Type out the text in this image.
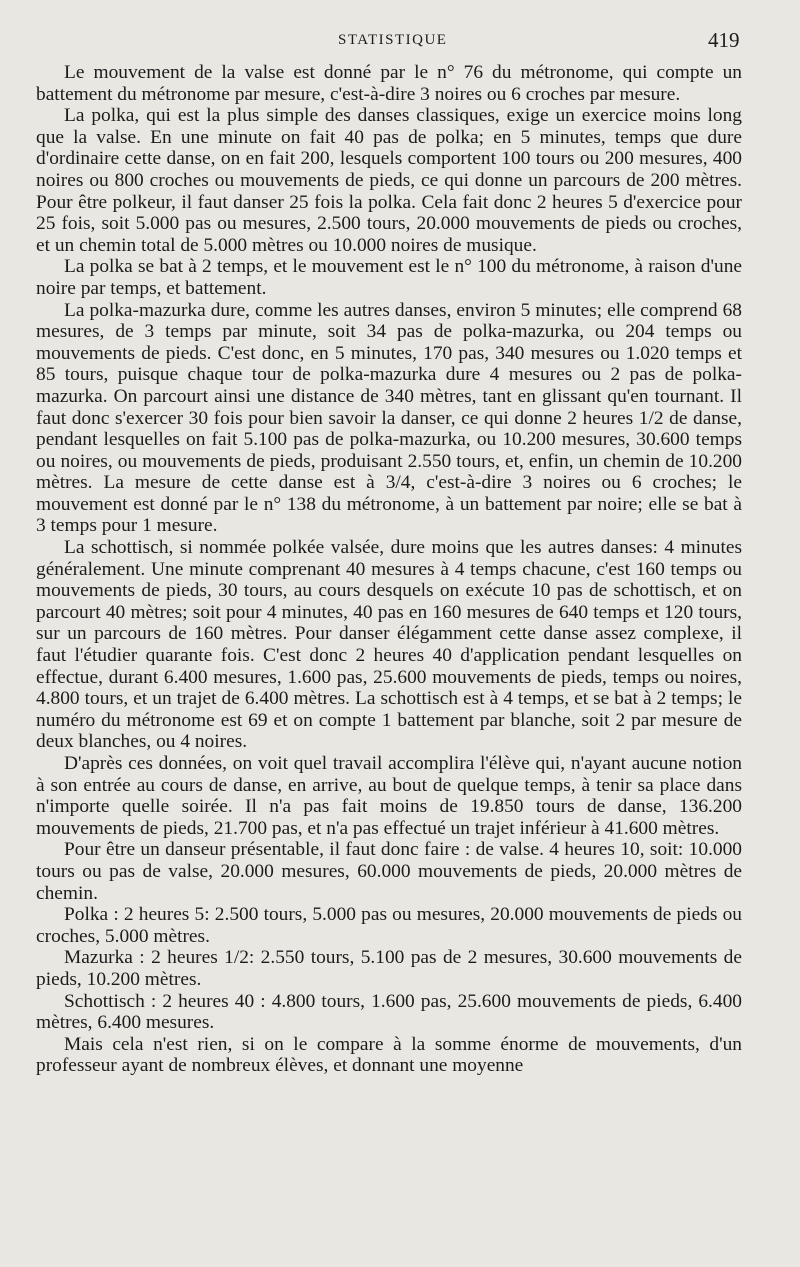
STATISTIQUE	419

Le mouvement de la valse est donné par le n° 76 du métronome, qui compte un battement du métronome par mesure, c'est-à-dire 3 noires ou 6 croches par mesure.

La polka, qui est la plus simple des danses classiques, exige un exercice moins long que la valse. En une minute on fait 40 pas de polka; en 5 minutes, temps que dure d'ordinaire cette danse, on en fait 200, lesquels comportent 100 tours ou 200 mesures, 400 noires ou 800 croches ou mouvements de pieds, ce qui donne un parcours de 200 mètres. Pour être polkeur, il faut danser 25 fois la polka. Cela fait donc 2 heures 5 d'exercice pour 25 fois, soit 5.000 pas ou mesures, 2.500 tours, 20.000 mouvements de pieds ou croches, et un chemin total de 5.000 mètres ou 10.000 noires de musique.

La polka se bat à 2 temps, et le mouvement est le n° 100 du métronome, à raison d'une noire par temps, et battement.

La polka-mazurka dure, comme les autres danses, environ 5 minutes; elle comprend 68 mesures, de 3 temps par minute, soit 34 pas de polka-mazurka, ou 204 temps ou mouvements de pieds. C'est donc, en 5 minutes, 170 pas, 340 mesures ou 1.020 temps et 85 tours, puisque chaque tour de polka-mazurka dure 4 mesures ou 2 pas de polka-mazurka. On parcourt ainsi une distance de 340 mètres, tant en glissant qu'en tournant. Il faut donc s'exercer 30 fois pour bien savoir la danser, ce qui donne 2 heures 1/2 de danse, pendant lesquelles on fait 5.100 pas de polka-mazurka, ou 10.200 mesures, 30.600 temps ou noires, ou mouvements de pieds, produisant 2.550 tours, et, enfin, un chemin de 10.200 mètres. La mesure de cette danse est à 3/4, c'est-à-dire 3 noires ou 6 croches; le mouvement est donné par le n° 138 du métronome, à un battement par noire; elle se bat à 3 temps pour 1 mesure.

La schottisch, si nommée polkée valsée, dure moins que les autres danses: 4 minutes généralement. Une minute comprenant 40 mesures à 4 temps chacune, c'est 160 temps ou mouvements de pieds, 30 tours, au cours desquels on exécute 10 pas de schottisch, et on parcourt 40 mètres; soit pour 4 minutes, 40 pas en 160 mesures de 640 temps et 120 tours, sur un parcours de 160 mètres. Pour danser élégamment cette danse assez complexe, il faut l'étudier quarante fois. C'est donc 2 heures 40 d'application pendant lesquelles on effectue, durant 6.400 mesures, 1.600 pas, 25.600 mouvements de pieds, temps ou noires, 4.800 tours, et un trajet de 6.400 mètres. La schottisch est à 4 temps, et se bat à 2 temps; le numéro du métronome est 69 et on compte 1 battement par blanche, soit 2 par mesure de deux blanches, ou 4 noires.

D'après ces données, on voit quel travail accomplira l'élève qui, n'ayant aucune notion à son entrée au cours de danse, en arrive, au bout de quelque temps, à tenir sa place dans n'importe quelle soirée. Il n'a pas fait moins de 19.850 tours de danse, 136.200 mouvements de pieds, 21.700 pas, et n'a pas effectué un trajet inférieur à 41.600 mètres.

Pour être un danseur présentable, il faut donc faire : de valse. 4 heures 10, soit: 10.000 tours ou pas de valse, 20.000 mesures, 60.000 mouvements de pieds, 20.000 mètres de chemin.

Polka : 2 heures 5: 2.500 tours, 5.000 pas ou mesures, 20.000 mouvements de pieds ou croches, 5.000 mètres.

Mazurka : 2 heures 1/2: 2.550 tours, 5.100 pas de 2 mesures, 30.600 mouvements de pieds, 10.200 mètres.

Schottisch : 2 heures 40 : 4.800 tours, 1.600 pas, 25.600 mouvements de pieds, 6.400 mètres, 6.400 mesures.

Mais cela n'est rien, si on le compare à la somme énorme de mouvements, d'un professeur ayant de nombreux élèves, et donnant une moyenne
